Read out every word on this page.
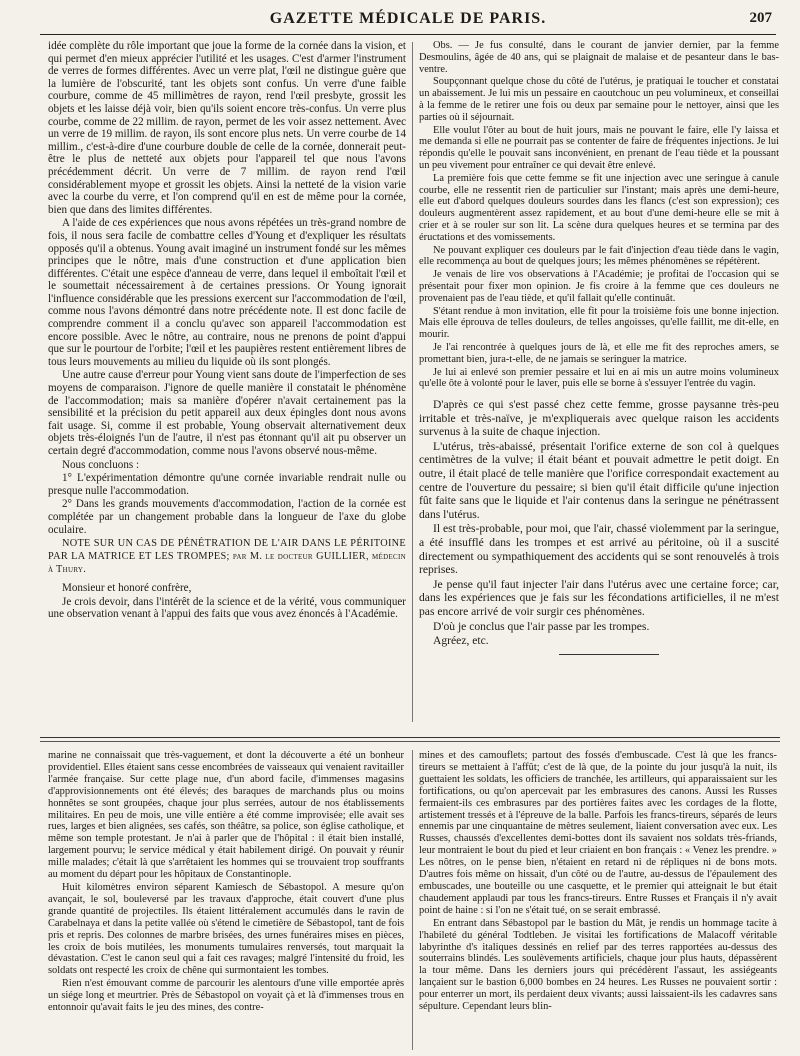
GAZETTE MÉDICALE DE PARIS.	207

idée complète du rôle important que joue la forme de la cornée dans la vision, et qui permet d'en mieux apprécier l'utilité et les usages. C'est d'armer l'instrument de verres de formes différentes. Avec un verre plat, l'œil ne distingue guère que la lumière de l'obscurité, tant les objets sont confus. Un verre d'une faible courbure, comme de 45 millimètres de rayon, rend l'œil presbyte, grossit les objets et les laisse déjà voir, bien qu'ils soient encore très-confus. Un verre plus courbe, comme de 22 millim. de rayon, permet de les voir assez nettement. Avec un verre de 19 millim. de rayon, ils sont encore plus nets. Un verre courbe de 14 millim., c'est-à-dire d'une courbure double de celle de la cornée, donnerait peut-être le plus de netteté aux objets pour l'appareil tel que nous l'avons précédemment décrit. Un verre de 7 millim. de rayon rend l'œil considérablement myope et grossit les objets. Ainsi la netteté de la vision varie avec la courbe du verre, et l'on comprend qu'il en est de même pour la cornée, bien que dans des limites différentes.

A l'aide de ces expériences que nous avons répétées un très-grand nombre de fois, il nous sera facile de combattre celles d'Young et d'expliquer les résultats opposés qu'il a obtenus. Young avait imaginé un instrument fondé sur les mêmes principes que le nôtre, mais d'une construction et d'une application bien différentes. C'était une espèce d'anneau de verre, dans lequel il emboîtait l'œil et le soumettait nécessairement à de certaines pressions. Or Young ignorait l'influence considérable que les pressions exercent sur l'accommodation de l'œil, comme nous l'avons démontré dans notre précédente note. Il est donc facile de comprendre comment il a conclu qu'avec son appareil l'accommodation est encore possible. Avec le nôtre, au contraire, nous ne prenons de point d'appui que sur le pourtour de l'orbite; l'œil et les paupières restent entièrement libres de tous leurs mouvements au milieu du liquide où ils sont plongés.

Une autre cause d'erreur pour Young vient sans doute de l'imperfection de ses moyens de comparaison. J'ignore de quelle manière il constatait le phénomène de l'accommodation; mais sa manière d'opérer n'avait certainement pas la sensibilité et la précision du petit appareil aux deux épingles dont nous avons fait usage. Si, comme il est probable, Young observait alternativement deux objets très-éloignés l'un de l'autre, il n'est pas étonnant qu'il ait pu observer un certain degré d'accommodation, comme nous l'avons observé nous-même.

Nous concluons :

1° L'expérimentation démontre qu'une cornée invariable rendrait nulle ou presque nulle l'accommodation.

2° Dans les grands mouvements d'accommodation, l'action de la cornée est complétée par un changement probable dans la longueur de l'axe du globe oculaire.

NOTE SUR UN CAS DE PÉNÉTRATION DE L'AIR DANS LE PÉRITOINE PAR LA MATRICE ET LES TROMPES; par M. le docteur GUILLIER, médecin à Thury.

Monsieur et honoré confrère,

Je crois devoir, dans l'intérêt de la science et de la vérité, vous communiquer une observation venant à l'appui des faits que vous avez énoncés à l'Académie.

Obs. — Je fus consulté, dans le courant de janvier dernier, par la femme Desmoulins, âgée de 40 ans, qui se plaignait de malaise et de pesanteur dans le bas-ventre.

Soupçonnant quelque chose du côté de l'utérus, je pratiquai le toucher et constatai un abaissement. Je lui mis un pessaire en caoutchouc un peu volumineux, et conseillai à la femme de le retirer une fois ou deux par semaine pour le nettoyer, ainsi que les parties où il séjournait.

Elle voulut l'ôter au bout de huit jours, mais ne pouvant le faire, elle l'y laissa et me demanda si elle ne pourrait pas se contenter de faire de fréquentes injections. Je lui répondis qu'elle le pouvait sans inconvénient, en prenant de l'eau tiède et la poussant un peu vivement pour entraîner ce qui devait être enlevé.

La première fois que cette femme se fit une injection avec une seringue à canule courbe, elle ne ressentit rien de particulier sur l'instant; mais après une demi-heure, elle eut d'abord quelques douleurs sourdes dans les flancs (c'est son expression); ces douleurs augmentèrent assez rapidement, et au bout d'une demi-heure elle se mit à crier et à se rouler sur son lit. La scène dura quelques heures et se termina par des éructations et des vomissements.

Ne pouvant expliquer ces douleurs par le fait d'injection d'eau tiède dans le vagin, elle recommença au bout de quelques jours; les mêmes phénomènes se répétèrent.

Je venais de lire vos observations à l'Académie; je profitai de l'occasion qui se présentait pour fixer mon opinion. Je fis croire à la femme que ces douleurs ne provenaient pas de l'eau tiède, et qu'il fallait qu'elle continuât.

S'étant rendue à mon invitation, elle fit pour la troisième fois une bonne injection. Mais elle éprouva de telles douleurs, de telles angoisses, qu'elle faillit, me dit-elle, en mourir.

Je l'ai rencontrée à quelques jours de là, et elle me fit des reproches amers, se promettant bien, jura-t-elle, de ne jamais se seringuer la matrice.

Je lui ai enlevé son premier pessaire et lui en ai mis un autre moins volumineux qu'elle ôte à volonté pour le laver, puis elle se borne à s'essuyer l'entrée du vagin.

D'après ce qui s'est passé chez cette femme, grosse paysanne très-peu irritable et très-naïve, je m'expliquerais avec quelque raison les accidents survenus à la suite de chaque injection.

L'utérus, très-abaissé, présentait l'orifice externe de son col à quelques centimètres de la vulve; il était béant et pouvait admettre le petit doigt. En outre, il était placé de telle manière que l'orifice correspondait exactement au centre de l'ouverture du pessaire; si bien qu'il était difficile qu'une injection fût faite sans que le liquide et l'air contenus dans la seringue ne pénétrassent dans l'utérus.

Il est très-probable, pour moi, que l'air, chassé violemment par la seringue, a été insufflé dans les trompes et est arrivé au péritoine, où il a suscité directement ou sympathiquement des accidents qui se sont renouvelés à trois reprises.

Je pense qu'il faut injecter l'air dans l'utérus avec une certaine force; car, dans les expériences que je fais sur les fécondations artificielles, il ne m'est pas encore arrivé de voir surgir ces phénomènes.

D'où je conclus que l'air passe par les trompes.

Agréez, etc.

marine ne connaissait que très-vaguement, et dont la découverte a été un bonheur providentiel. Elles étaient sans cesse encombrées de vaisseaux qui venaient ravitailler l'armée française. Sur cette plage nue, d'un abord facile, d'immenses magasins d'approvisionnements ont été élevés; des baraques de marchands plus ou moins honnêtes se sont groupées, chaque jour plus serrées, autour de nos établissements militaires. En peu de mois, une ville entière a été comme improvisée; elle avait ses rues, larges et bien alignées, ses cafés, son théâtre, sa police, son église catholique, et même son temple protestant. Je n'ai à parler que de l'hôpital : il était bien installé, largement pourvu; le service médical y était habilement dirigé. On pouvait y réunir mille malades; c'était là que s'arrêtaient les hommes qui se trouvaient trop souffrants au moment du départ pour les hôpitaux de Constantinople.

Huit kilomètres environ séparent Kamiesch de Sébastopol. A mesure qu'on avançait, le sol, bouleversé par les travaux d'approche, était couvert d'une plus grande quantité de projectiles. Ils étaient littéralement accumulés dans le ravin de Carabelnaya et dans la petite vallée où s'étend le cimetière de Sébastopol, tant de fois pris et repris. Des colonnes de marbre brisées, des urnes funéraires mises en pièces, les croix de bois mutilées, les monuments tumulaires renversés, tout marquait la dévastation. C'est le canon seul qui a fait ces ravages; malgré l'intensité du froid, les soldats ont respecté les croix de chêne qui surmontaient les tombes.

Rien n'est émouvant comme de parcourir les alentours d'une ville emportée après un siége long et meurtrier. Près de Sébastopol on voyait çà et là d'immenses trous en entonnoir qu'avait faits le jeu des mines, des contre-

mines et des camouflets; partout des fossés d'embuscade. C'est là que les francs-tireurs se mettaient à l'affût; c'est de là que, de la pointe du jour jusqu'à la nuit, ils guettaient les soldats, les officiers de tranchée, les artilleurs, qui apparaissaient sur les fortifications, ou qu'on apercevait par les embrasures des canons. Aussi les Russes fermaient-ils ces embrasures par des portières faites avec les cordages de la flotte, artistement tressés et à l'épreuve de la balle. Parfois les francs-tireurs, séparés de leurs ennemis par une cinquantaine de mètres seulement, liaient conversation avec eux. Les Russes, chaussés d'excellentes demi-bottes dont ils savaient nos soldats très-friands, leur montraient le bout du pied et leur criaient en bon français : « Venez les prendre. » Les nôtres, on le pense bien, n'étaient en retard ni de répliques ni de bons mots. D'autres fois même on hissait, d'un côté ou de l'autre, au-dessus de l'épaulement des embuscades, une bouteille ou une casquette, et le premier qui atteignait le but était chaudement applaudi par tous les francs-tireurs. Entre Russes et Français il n'y avait point de haine : si l'on ne s'était tué, on se serait embrassé.

En entrant dans Sébastopol par le bastion du Mât, je rendis un hommage tacite à l'habileté du général Todtleben. Je visitai les fortifications de Malacoff véritable labyrinthe d's italiques dessinés en relief par des terres rapportées au-dessus des souterrains blindés. Les soulèvements artificiels, chaque jour plus hauts, dépassèrent la tour même. Dans les derniers jours qui précédèrent l'assaut, les assiégeants lançaient sur le bastion 6,000 bombes en 24 heures. Les Russes ne pouvaient sortir : pour enterrer un mort, ils perdaient deux vivants; aussi laissaient-ils les cadavres sans sépulture. Cependant leurs blin-
